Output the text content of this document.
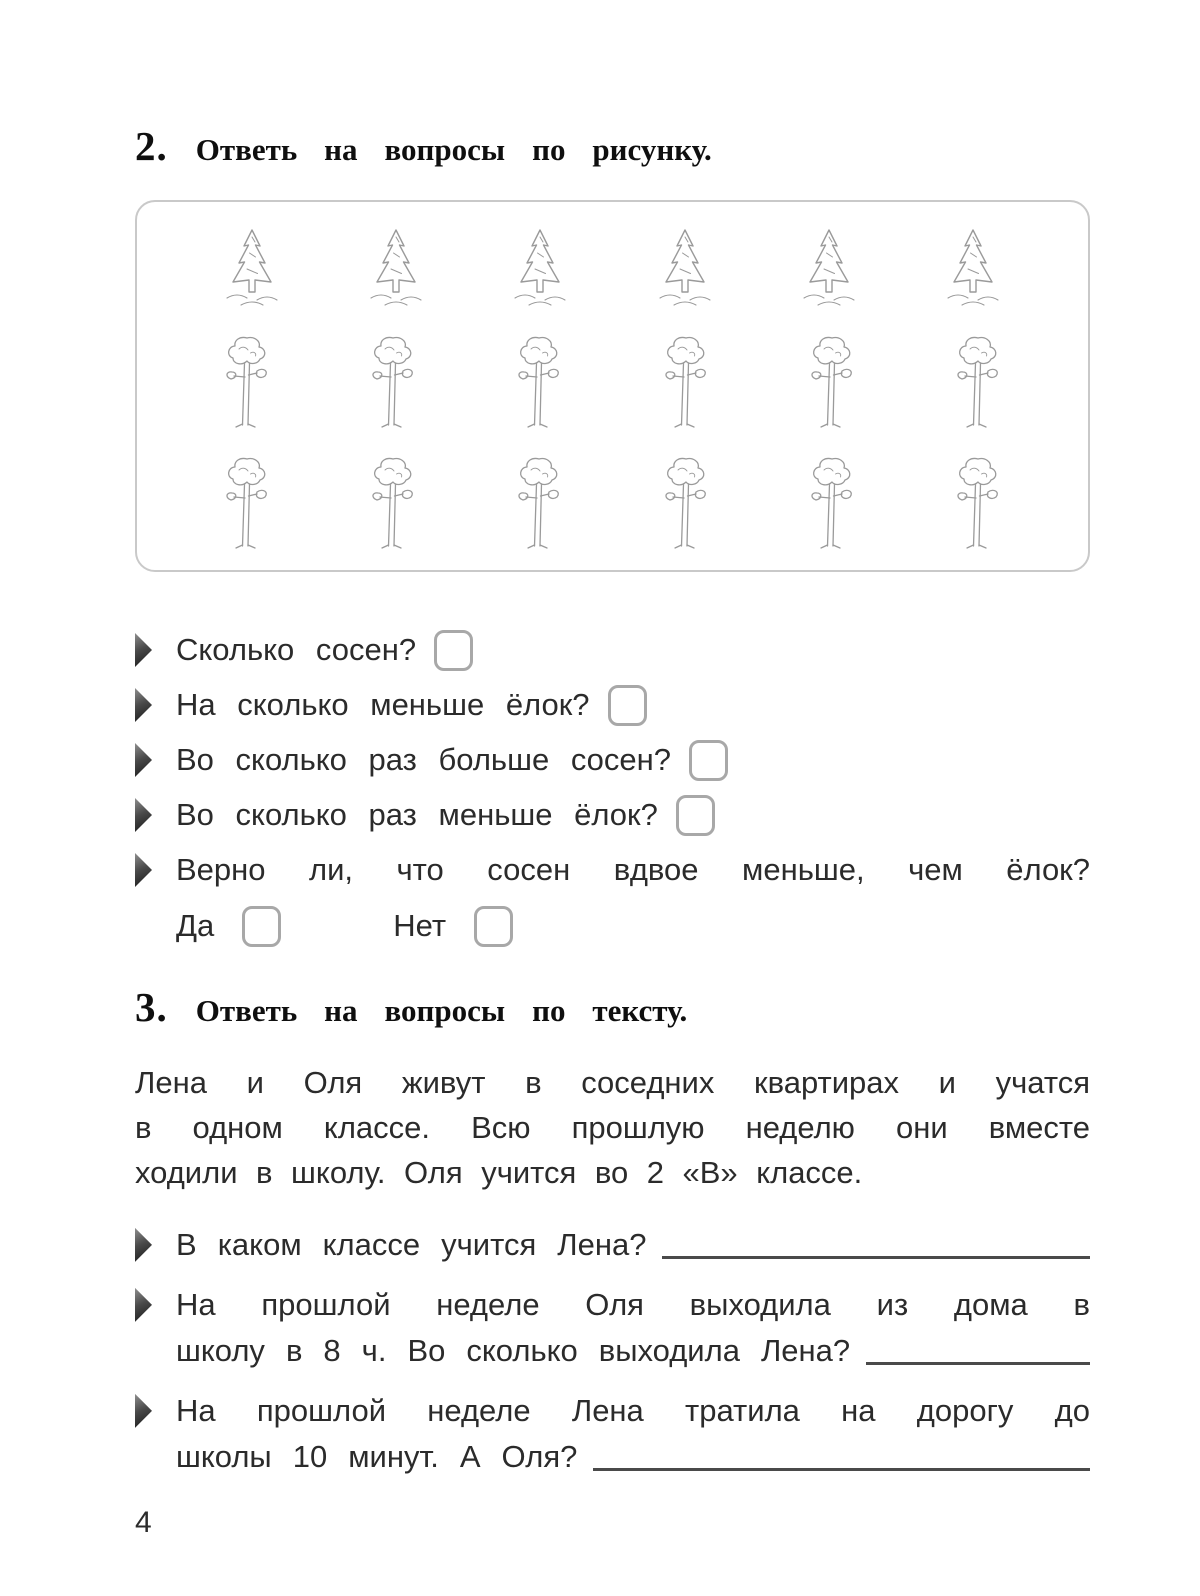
2. Ответь на вопросы по рисунку.
Сколько сосен?
На сколько меньше ёлок?
Во сколько раз больше сосен?
Во сколько раз меньше ёлок?
Верно ли, что сосен вдвое меньше, чем ёлок?
Да	Нет
3. Ответь на вопросы по тексту.
Лена и Оля живут в соседних квартирах и учатся
в одном классе. Всю прошлую неделю они вместе
ходили в школу. Оля учится во 2 «В» классе.
В каком классе учится Лена?
На прошлой неделе Оля выходила из дома в
школу в 8 ч. Во сколько выходила Лена?
На прошлой неделе Лена тратила на дорогу до
школы 10 минут. А Оля?
4
